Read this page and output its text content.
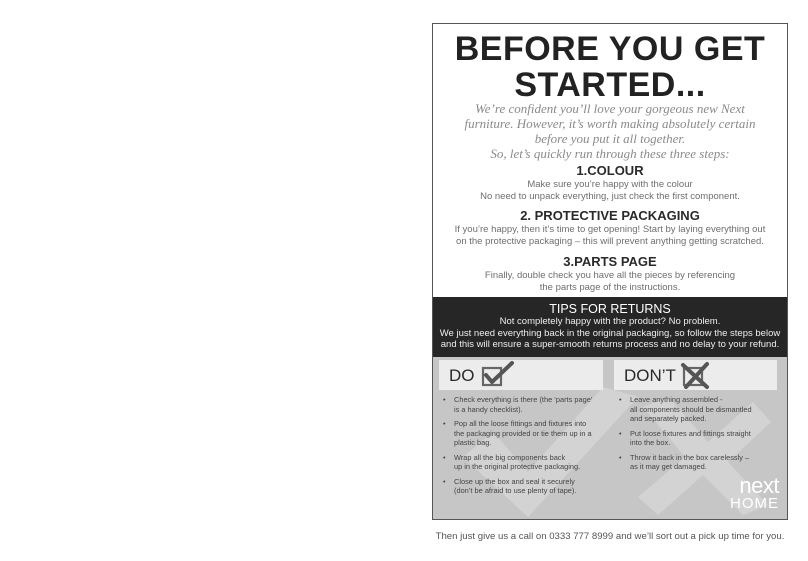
BEFORE YOU GET
STARTED...
We’re confident you’ll love your gorgeous new Next
furniture. However, it’s worth making absolutely certain
before you put it all together.
So, let’s quickly run through these three steps:
1.COLOUR
Make sure you’re happy with the colour
No need to unpack everything, just check the first component.
2. PROTECTIVE PACKAGING
If you’re happy, then it’s time to get opening! Start by laying everything out
on the protective packaging – this will prevent anything getting scratched.
3.PARTS PAGE
Finally, double check you have all the pieces by referencing
the parts page of the instructions.
TIPS FOR RETURNS
Not completely happy with the product? No problem.
We just need everything back in the original packaging, so follow the steps below
and this will ensure a super-smooth returns process and no delay to your refund.
DO	DON’T
• Check everything is there (the ‘parts page’
is a handy checklist).
• Pop all the loose fittings and fixtures into
the packaging provided or tie them up in a
plastic bag.
• Wrap all the big components back
up in the original protective packaging.
• Close up the box and seal it securely
(don’t be afraid to use plenty of tape).
• Leave anything assembled -
all components should be dismantled
and separately packed.
• Put loose fixtures and fittings straight
into the box.
• Throw it back in the box carelessly –
as it may get damaged.
next
HOME
Then just give us a call on 0333 777 8999 and we’ll sort out a pick up time for you.
